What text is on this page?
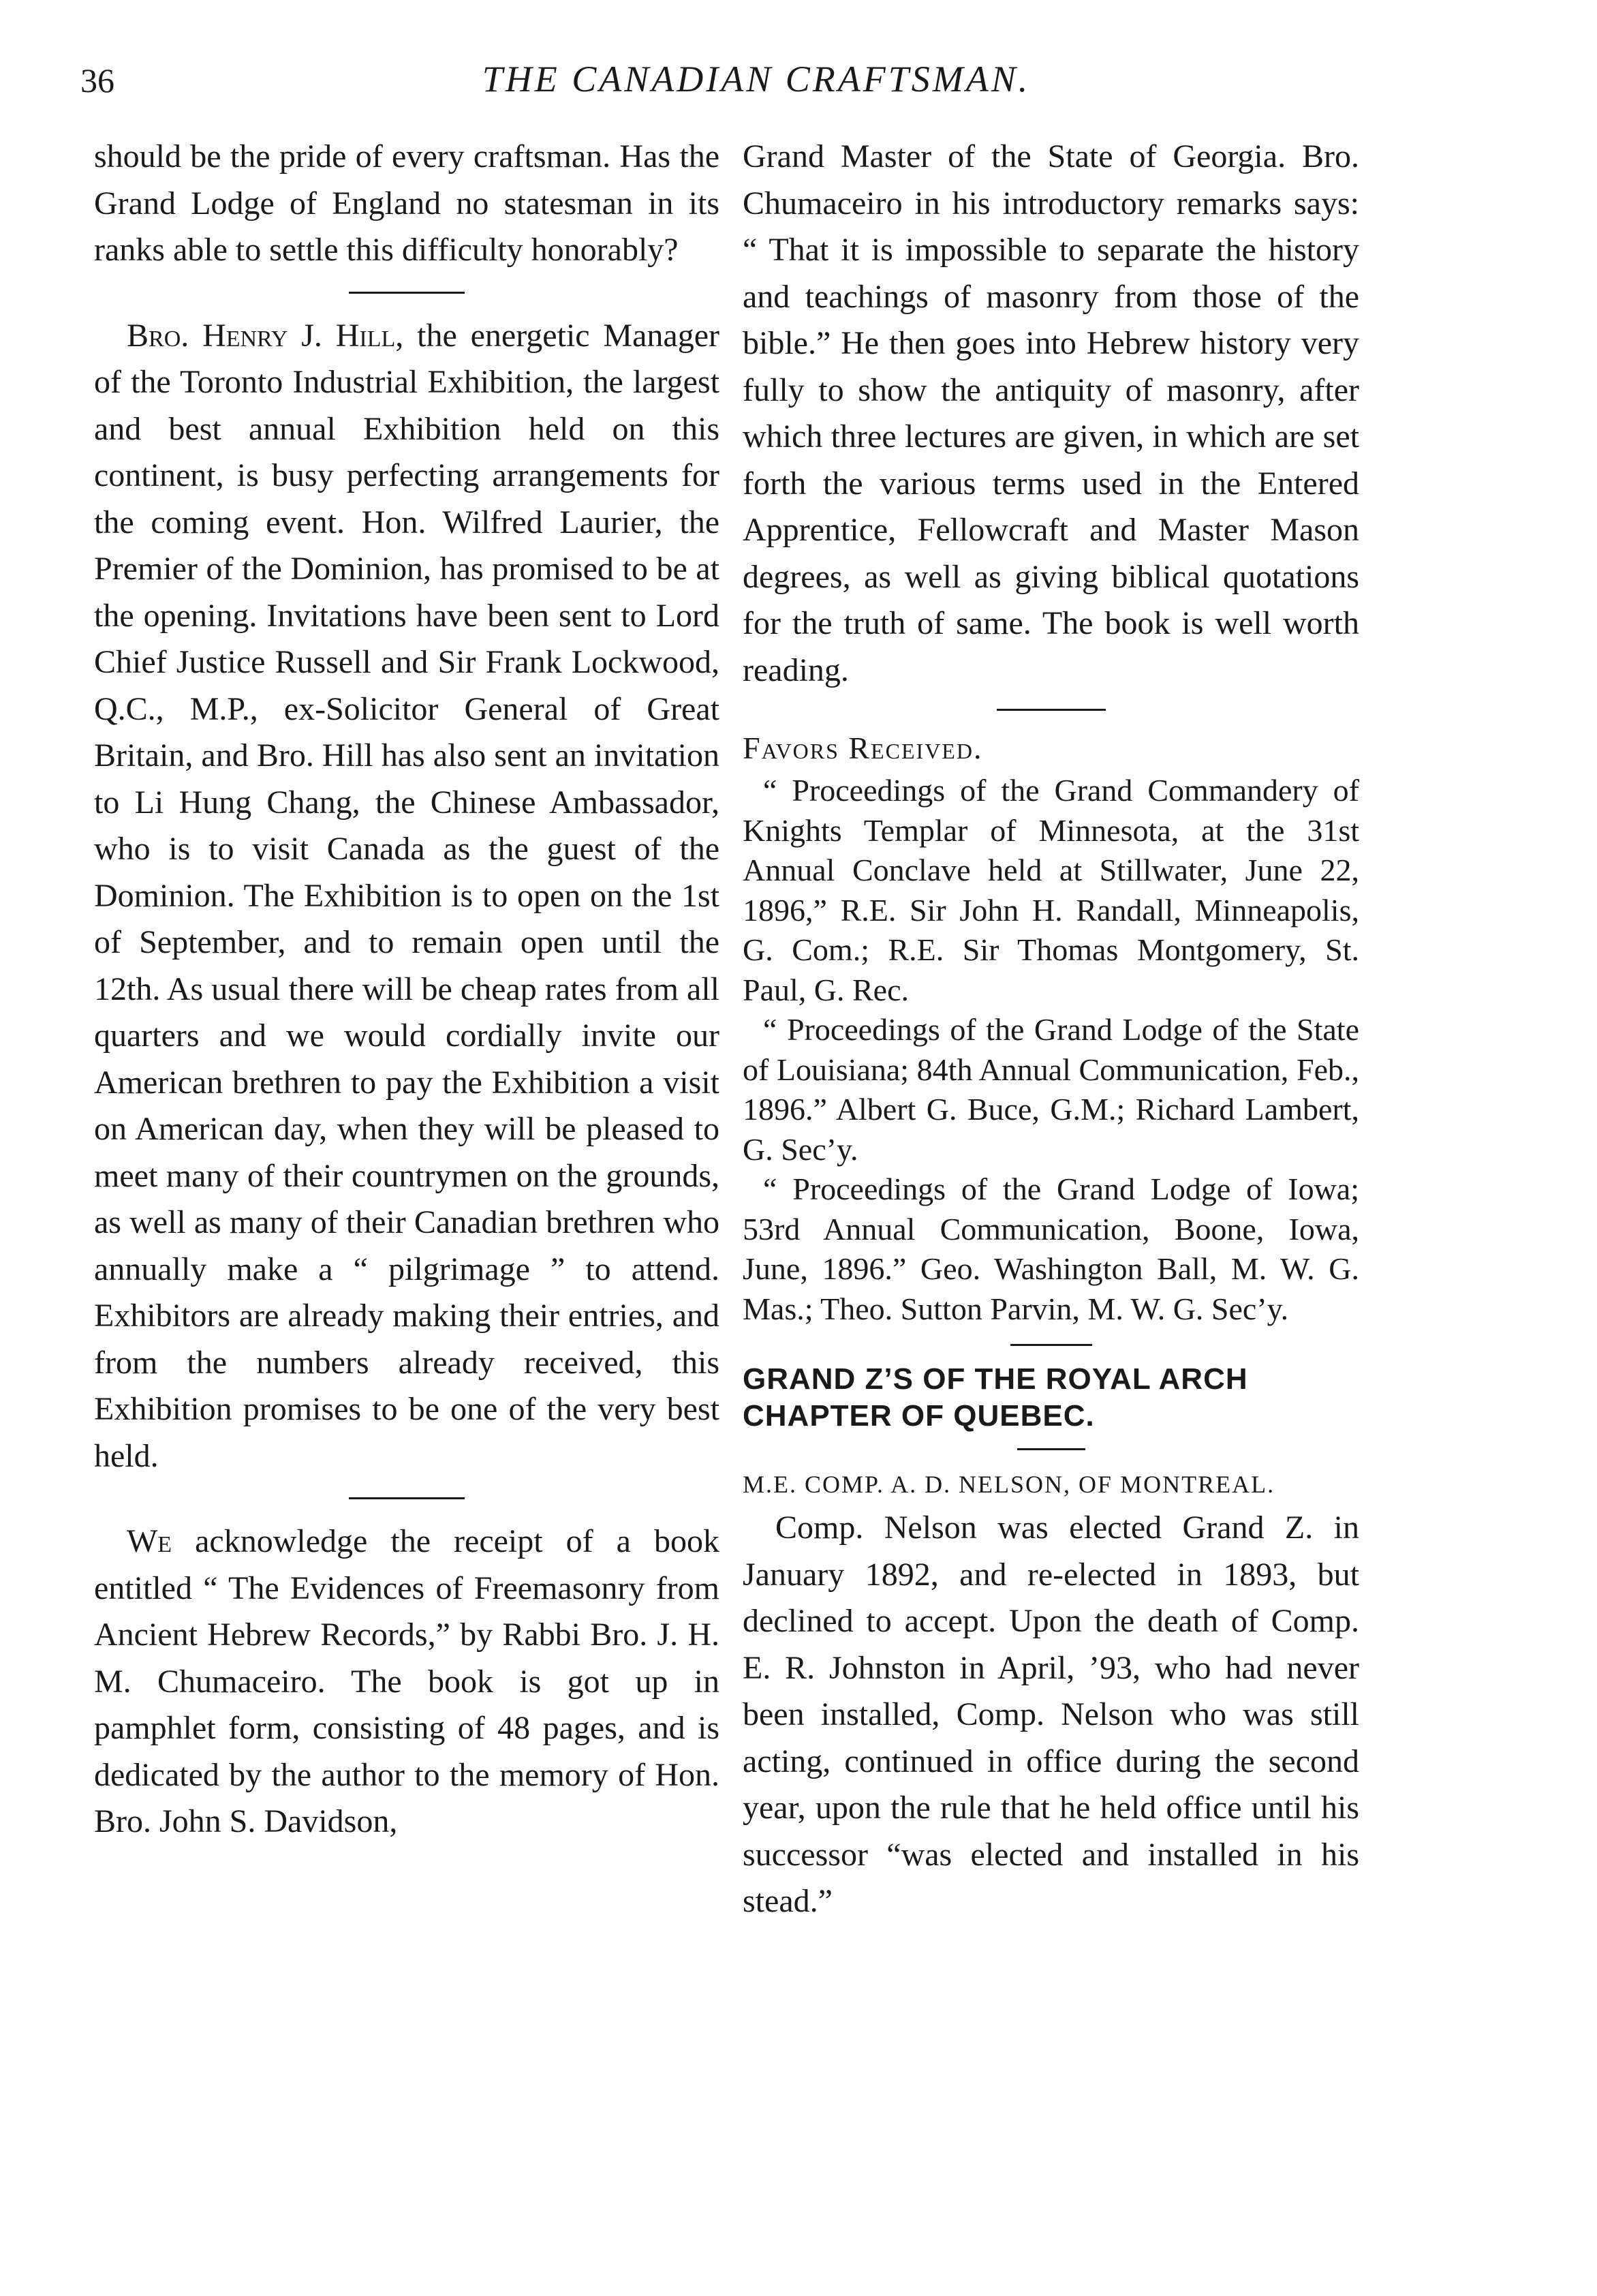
36	THE CANADIAN CRAFTSMAN.

should be the pride of every craftsman. Has the Grand Lodge of England no statesman in its ranks able to settle this difficulty honorably?

Bro. Henry J. Hill, the energetic Manager of the Toronto Industrial Exhibition, the largest and best annual Exhibition held on this continent, is busy perfecting arrangements for the coming event. Hon. Wilfred Laurier, the Premier of the Dominion, has promised to be at the opening. Invitations have been sent to Lord Chief Justice Russell and Sir Frank Lockwood, Q.C., M.P., ex-Solicitor General of Great Britain, and Bro. Hill has also sent an invitation to Li Hung Chang, the Chinese Ambassador, who is to visit Canada as the guest of the Dominion. The Exhibition is to open on the 1st of September, and to remain open until the 12th. As usual there will be cheap rates from all quarters and we would cordially invite our American brethren to pay the Exhibition a visit on American day, when they will be pleased to meet many of their countrymen on the grounds, as well as many of their Canadian brethren who annually make a “ pilgrimage ” to attend. Exhibitors are already making their entries, and from the numbers already received, this Exhibition promises to be one of the very best held.

We acknowledge the receipt of a book entitled “ The Evidences of Freemasonry from Ancient Hebrew Records,” by Rabbi Bro. J. H. M. Chumaceiro. The book is got up in pamphlet form, consisting of 48 pages, and is dedicated by the author to the memory of Hon. Bro. John S. Davidson,

Grand Master of the State of Georgia. Bro. Chumaceiro in his introductory remarks says: “ That it is impossible to separate the history and teachings of masonry from those of the bible.” He then goes into Hebrew history very fully to show the antiquity of masonry, after which three lectures are given, in which are set forth the various terms used in the Entered Apprentice, Fellowcraft and Master Mason degrees, as well as giving biblical quotations for the truth of same. The book is well worth reading.

Favors Received.

“ Proceedings of the Grand Commandery of Knights Templar of Minnesota, at the 31st Annual Conclave held at Stillwater, June 22, 1896,” R.E. Sir John H. Randall, Minneapolis, G. Com.; R.E. Sir Thomas Montgomery, St. Paul, G. Rec.

“ Proceedings of the Grand Lodge of the State of Louisiana; 84th Annual Communication, Feb., 1896.” Albert G. Buce, G.M.; Richard Lambert, G. Sec’y.

“ Proceedings of the Grand Lodge of Iowa; 53rd Annual Communication, Boone, Iowa, June, 1896.” Geo. Washington Ball, M. W. G. Mas.; Theo. Sutton Parvin, M. W. G. Sec’y.

GRAND Z’S OF THE ROYAL ARCH
CHAPTER OF QUEBEC.

M.E. COMP. A. D. NELSON, OF MONTREAL.

Comp. Nelson was elected Grand Z. in January 1892, and re-elected in 1893, but declined to accept. Upon the death of Comp. E. R. Johnston in April, ’93, who had never been installed, Comp. Nelson who was still acting, continued in office during the second year, upon the rule that he held office until his successor “was elected and installed in his stead.”
